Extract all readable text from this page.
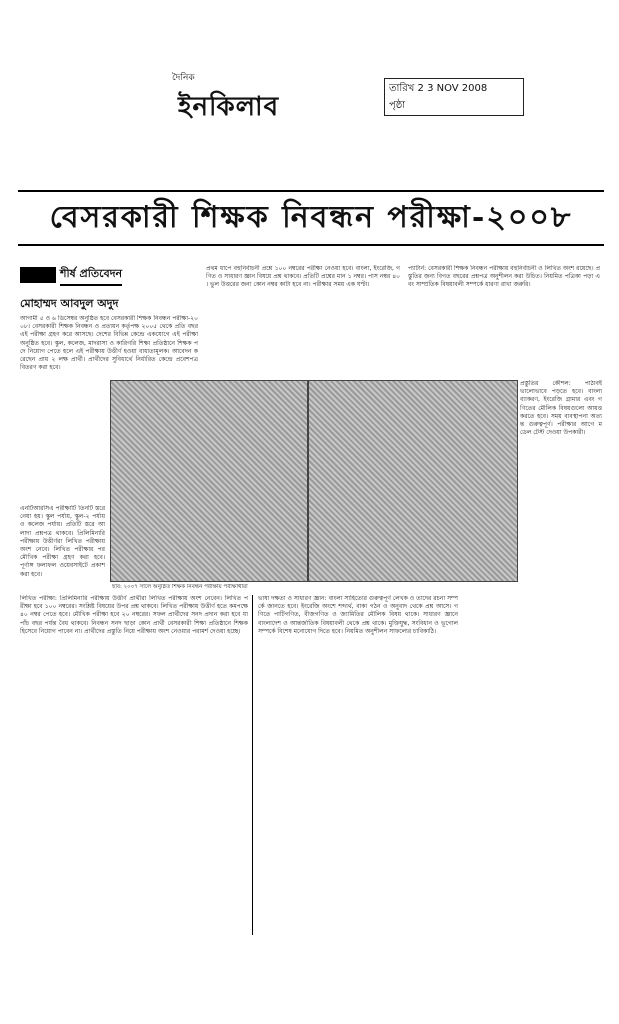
দৈনিক
ইনকিলাব
তারিখ 2 3 NOV 2008
পৃষ্ঠা
বেসরকারী শিক্ষক নিবন্ধন পরীক্ষা-২০০৮
শীর্ষ প্রতিবেদন
মোহাম্মদ আবদুল অদুদ
আগামী ৫ ও ৬ ডিসেম্বর অনুষ্ঠিত হবে বেসরকারী শিক্ষক নিবন্ধন পরীক্ষা-২০০৮। বেসরকারী শিক্ষক নিবন্ধন ও প্রত্যয়ন কর্তৃপক্ষ ২০০৫ থেকে প্রতি বছর এই পরীক্ষা গ্রহণ করে আসছে। দেশের বিভিন্ন কেন্দ্রে একযোগে এই পরীক্ষা অনুষ্ঠিত হবে। স্কুল, কলেজ, মাদরাসা ও কারিগরি শিক্ষা প্রতিষ্ঠানে শিক্ষক পদে নিয়োগ পেতে হলে এই পরীক্ষায় উত্তীর্ণ হওয়া বাধ্যতামূলক। আবেদন করেছেন প্রায় ২ লক্ষ প্রার্থী। প্রার্থীদের সুবিধার্থে নির্ধারিত কেন্দ্রে প্রবেশপত্র বিতরণ করা হবে।
এনটিআরসিএ পরীক্ষাটি তিনটি স্তরে নেয়া হয়। স্কুল পর্যায়, স্কুল-২ পর্যায় ও কলেজ পর্যায়। প্রতিটি স্তরে আলাদা প্রশ্নপত্র থাকবে। প্রিলিমিনারি পরীক্ষায় উত্তীর্ণরা লিখিত পরীক্ষায় অংশ নেবে। লিখিত পরীক্ষার পর মৌখিক পরীক্ষা গ্রহণ করা হবে। পূর্ণাঙ্গ ফলাফল ওয়েবসাইটে প্রকাশ করা হবে।
প্রথম ধাপে বহুনির্বাচনী প্রশ্নে ১০০ নম্বরের পরীক্ষা নেওয়া হবে। বাংলা, ইংরেজি, গণিত ও সাধারণ জ্ঞান বিষয়ে প্রশ্ন থাকবে। প্রতিটি প্রশ্নের মান ১ নম্বর। পাস নম্বর ৪০। ভুল উত্তরের জন্য কোন নম্বর কাটা হবে না। পরীক্ষার সময় এক ঘণ্টা।
প্যাটার্ন: বেসরকারী শিক্ষক নিবন্ধন পরীক্ষায় বহুনির্বাচনী ও লিখিত অংশ রয়েছে। প্রস্তুতির জন্য বিগত বছরের প্রশ্নপত্র অনুশীলন করা উচিত। নিয়মিত পত্রিকা পড়া এবং সাম্প্রতিক বিষয়াবলী সম্পর্কে ধারণা রাখা জরুরি।
প্রস্তুতির কৌশল: পাঠ্যবই ভালোভাবে পড়তে হবে। বাংলা ব্যাকরণ, ইংরেজি গ্রামার এবং গণিতের মৌলিক বিষয়গুলো আয়ত্ত করতে হবে। সময় ব্যবস্থাপনা অত্যন্ত গুরুত্বপূর্ণ। পরীক্ষার আগে মডেল টেস্ট দেওয়া উপকারী।
ছবি: ২০০৭ সালে অনুষ্ঠিত শিক্ষক নিবন্ধন পরীক্ষায় পরীক্ষার্থীরা
লিখিত পরীক্ষা: প্রিলিমিনারি পরীক্ষায় উত্তীর্ণ প্রার্থীরা লিখিত পরীক্ষায় অংশ নেবেন। লিখিত পরীক্ষা হবে ১০০ নম্বরের। সংশ্লিষ্ট বিষয়ের উপর প্রশ্ন থাকবে। লিখিত পরীক্ষায় উত্তীর্ণ হতে কমপক্ষে ৪০ নম্বর পেতে হবে। মৌখিক পরীক্ষা হবে ২০ নম্বরের। সফল প্রার্থীদের সনদ প্রদান করা হবে যা পাঁচ বছর পর্যন্ত বৈধ থাকবে। নিবন্ধন সনদ ছাড়া কোন প্রার্থী বেসরকারী শিক্ষা প্রতিষ্ঠানে শিক্ষক হিসেবে নিয়োগ পাবেন না। প্রার্থীদের প্রস্তুতি নিয়ে পরীক্ষায় অংশ নেওয়ার পরামর্শ দেওয়া হচ্ছে।
ভাষা দক্ষতা ও সাধারণ জ্ঞান: বাংলা সাহিত্যের গুরুত্বপূর্ণ লেখক ও তাদের রচনা সম্পর্কে জানতে হবে। ইংরেজি অংশে শব্দার্থ, বাক্য গঠন ও অনুবাদ থেকে প্রশ্ন আসে। গণিতে পাটিগণিত, বীজগণিত ও জ্যামিতির মৌলিক বিষয় থাকে। সাধারণ জ্ঞানে বাংলাদেশ ও আন্তর্জাতিক বিষয়াবলী থেকে প্রশ্ন থাকে। মুক্তিযুদ্ধ, সংবিধান ও ভূগোল সম্পর্কে বিশেষ মনোযোগ দিতে হবে। নিয়মিত অনুশীলন সাফল্যের চাবিকাঠি।
